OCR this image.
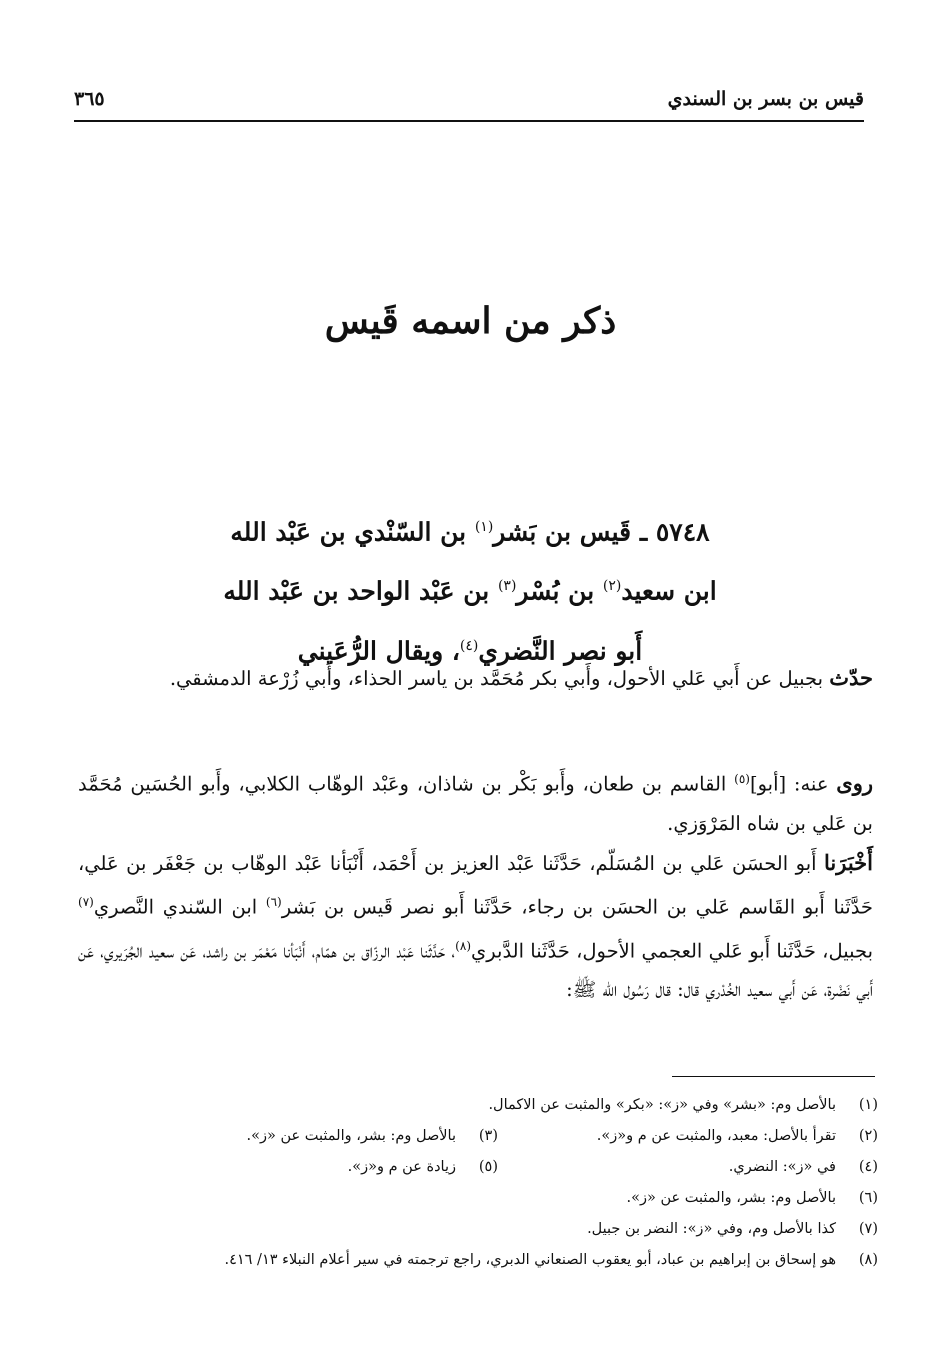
قيس بن بسر بن السندي
٣٦٥
ذكر من اسمه قَيس
٥٧٤٨ ـ قَيس بن بَشر$^{(١)}$ بن السّنْدي بن عَبْد الله
ابن سعيد$^{(٢)}$ بن بُسْر$^{(٣)}$ بن عَبْد الواحد بن عَبْد الله
أَبو نصر النَّضري$^{(٤)}$، ويقال الرُّعَيني
حدّث بجبيل عن أَبي عَلي الأحول، وأَبي بكر مُحَمَّد بن ياسر الحذاء، وأَبي زُرْعة الدمشقي.
روى عنه: [أبو]$^{(٥)}$ القاسم بن طعان، وأَبو بَكْر بن شاذان، وعَبْد الوهّاب الكلابي، وأَبو الحُسَين مُحَمَّد بن عَلي بن شاه المَرْوَزي.
أَخْبَرَنا أَبو الحسَن عَلي بن المُسَلّم، حَدَّثَنا عَبْد العزيز بن أَحْمَد، أَنْبَأنا عَبْد الوهّاب بن جَعْفَر بن عَلي، حَدَّثَنا أَبو القَاسم عَلي بن الحسَن بن رجاء، حَدَّثَنا أَبو نصر قَيس بن بَشر$^{(٦)}$ ابن السّندي النَّصري$^{(٧)}$ بجبيل، حَدَّثَنا أَبو عَلي العجمي الأحول، حَدَّثَنا الدَّبري$^{(٨)}$، حَدَّثَنا عَبْد الرزّاق بن همّام، أَنْبَأنا مَعْمَر بن راشد، عَن سعيد الجُرَيري، عَن أَبي نَضْرة، عَن أَبي سعيد الخُدْري قال: قال رَسُول الله ﷺ:
(١)
بالأصل وم: «بشر» وفي «ز»: «بكر» والمثبت عن الاكمال.
(٢)
تقرأ بالأصل: معبد، والمثبت عن م و«ز».
(٣)
بالأصل وم: بشر، والمثبت عن «ز».
(٤)
في «ز»: النضري.
(٥)
زيادة عن م و«ز».
(٦)
بالأصل وم: بشر، والمثبت عن «ز».
(٧)
كذا بالأصل وم، وفي «ز»: النضر بن جبيل.
(٨)
هو إسحاق بن إبراهيم بن عباد، أبو يعقوب الصنعاني الدبري، راجع ترجمته في سير أعلام النبلاء ١٣/ ٤١٦.
